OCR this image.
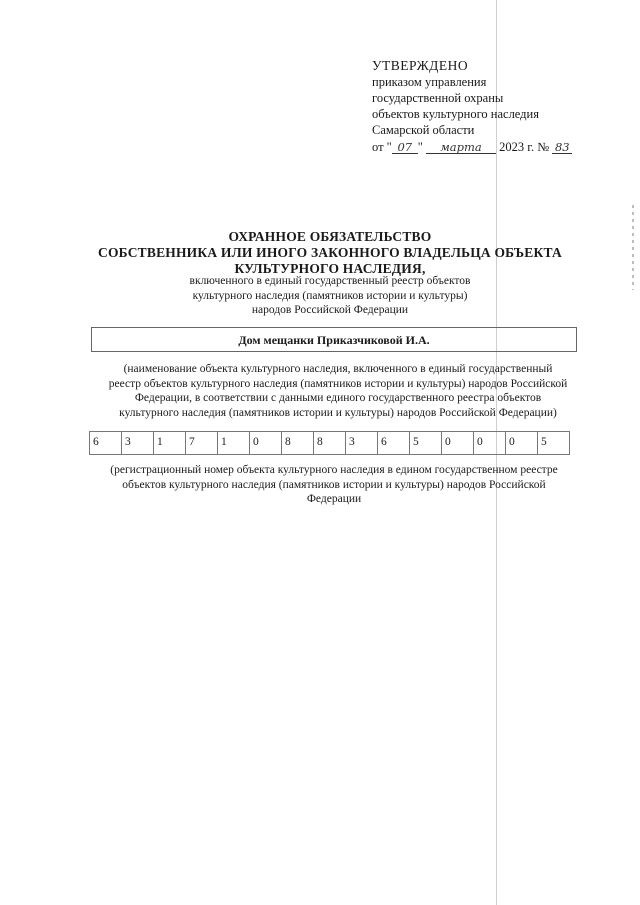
УТВЕРЖДЕНО
приказом управления
государственной охраны
объектов культурного наследия
Самарской области
от " 07 " марта 2023 г. № 83
ОХРАННОЕ ОБЯЗАТЕЛЬСТВО
СОБСТВЕННИКА ИЛИ ИНОГО ЗАКОННОГО ВЛАДЕЛЬЦА ОБЪЕКТА
КУЛЬТУРНОГО НАСЛЕДИЯ,
включенного в единый государственный реестр объектов
культурного наследия (памятников истории и культуры)
народов Российской Федерации
Дом мещанки Приказчиковой И.А.
(наименование объекта культурного наследия, включенного в единый государственный
реестр объектов культурного наследия (памятников истории и культуры) народов Российской
Федерации, в соответствии с данными единого государственного реестра объектов
культурного наследия (памятников истории и культуры) народов Российской Федерации)
6	3	1	7	1	0	8	8	3	6	5	0	0	0	5
(регистрационный номер объекта культурного наследия в едином государственном реестре
объектов культурного наследия (памятников истории и культуры) народов Российской
Федерации
